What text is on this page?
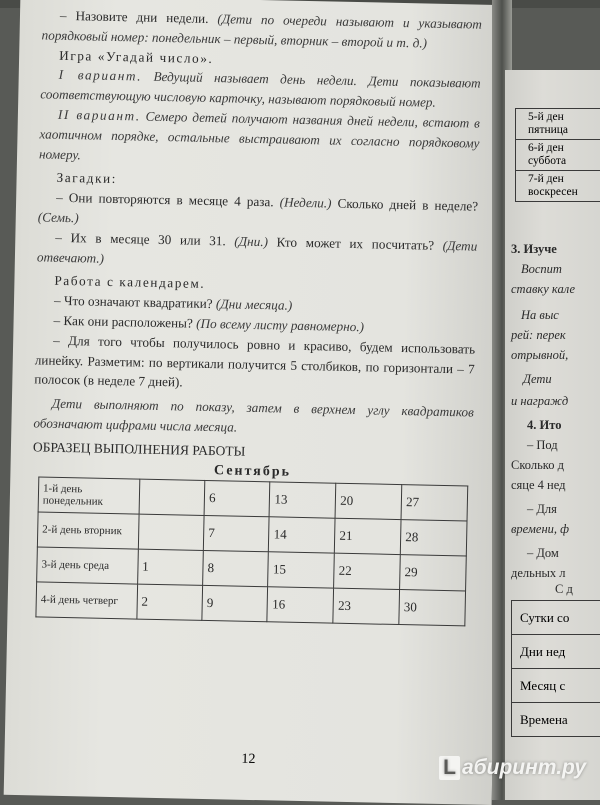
– Назовите дни недели. (Дети по очереди называют и указывают порядковый номер: понедельник – первый, вторник – второй и т. д.)

Игра «Угадай число».

I вариант. Ведущий называет день недели. Дети показывают соответствующую числовую карточку, называют порядковый номер.

II вариант. Семеро детей получают названия дней недели, встают в хаотичном порядке, остальные выстраивают их согласно порядковому номеру.

Загадки:

– Они повторяются в месяце 4 раза. (Недели.) Сколько дней в неделе? (Семь.)

– Их в месяце 30 или 31. (Дни.) Кто может их посчитать? (Дети отвечают.)

Работа с календарем.

– Что означают квадратики? (Дни месяца.)

– Как они расположены? (По всему листу равномерно.)

– Для того чтобы получилось ровно и красиво, будем использовать линейку. Разметим: по вертикали получится 5 столбиков, по горизонтали – 7 полосок (в неделе 7 дней).

Дети выполняют по показу, затем в верхнем углу квадратиков обозначают цифрами числа месяца.

ОБРАЗЕЦ ВЫПОЛНЕНИЯ РАБОТЫ

Сентябрь
1-й день понедельник		6	13	20	27
2-й день вторник		7	14	21	28
3-й день среда	1	8	15	22	29
4-й день четверг	2	9	16	23	30
12
5-й ден пятница
6-й ден суббота
7-й ден воскресен
3. Изуче
Воспит
ставку кале
На выс
рей: перек
отрывной,
Дети
и награжд
4. Ито
– Под
Сколько д
сяце 4 нед
– Для
времени, ф
– Дом
дельных л
С д
Сутки со
Дни нед
Месяц с
Времена
L абиринт.ру
